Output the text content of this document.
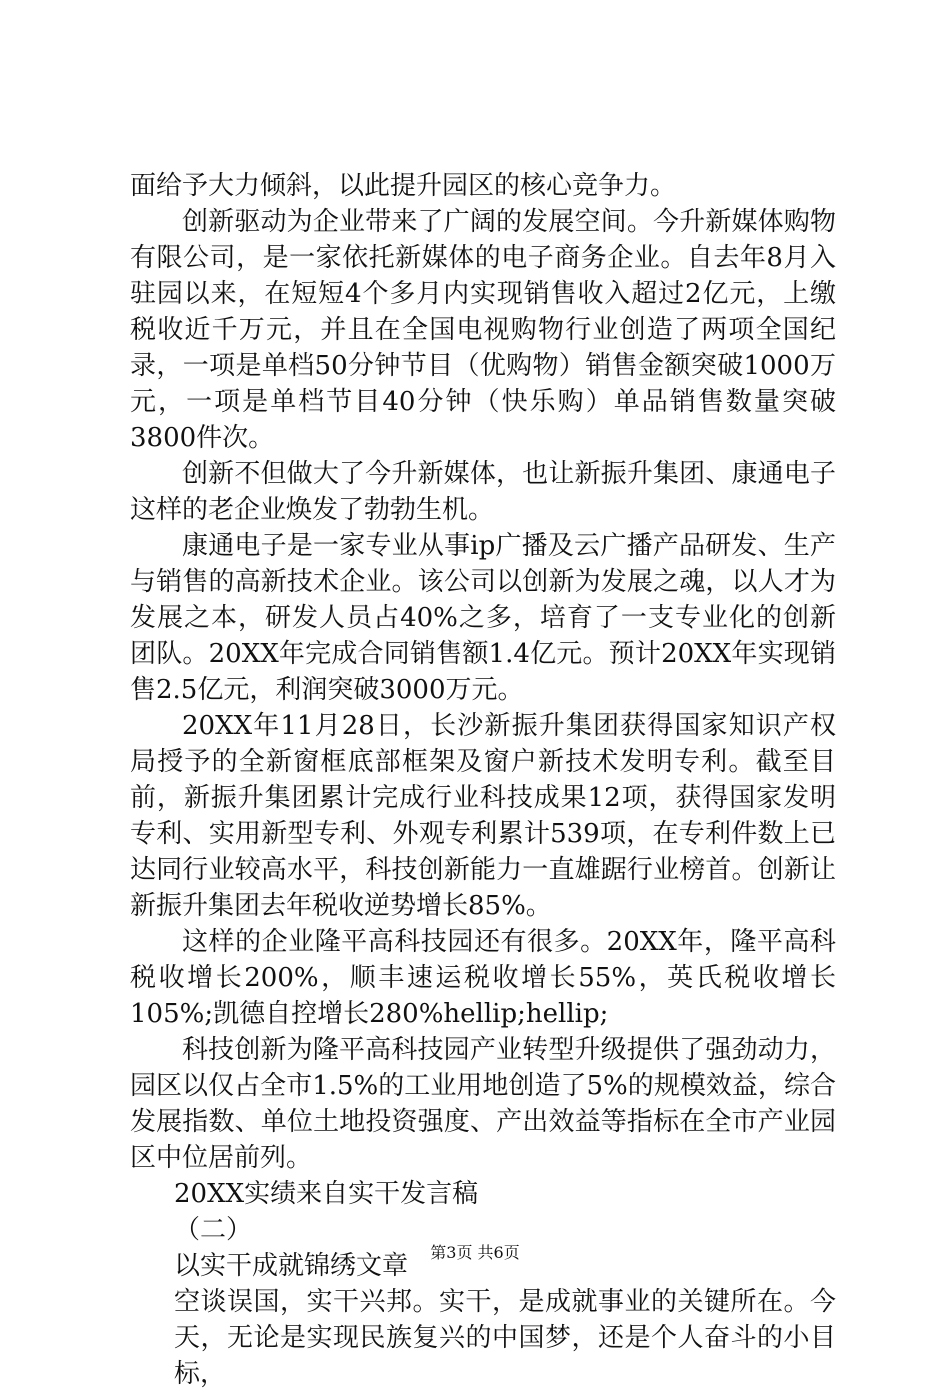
面给予大力倾斜，以此提升园区的核心竞争力。

创新驱动为企业带来了广阔的发展空间。今升新媒体购物有限公司，是一家依托新媒体的电子商务企业。自去年8月入驻园以来，在短短4个多月内实现销售收入超过2亿元，上缴税收近千万元，并且在全国电视购物行业创造了两项全国纪录，一项是单档50分钟节目（优购物）销售金额突破1000万元，一项是单档节目40分钟（快乐购）单品销售数量突破3800件次。

创新不但做大了今升新媒体，也让新振升集团、康通电子这样的老企业焕发了勃勃生机。

康通电子是一家专业从事ip广播及云广播产品研发、生产与销售的高新技术企业。该公司以创新为发展之魂，以人才为发展之本，研发人员占40%之多，培育了一支专业化的创新团队。20XX年完成合同销售额1.4亿元。预计20XX年实现销售2.5亿元，利润突破3000万元。

20XX年11月28日，长沙新振升集团获得国家知识产权局授予的全新窗框底部框架及窗户新技术发明专利。截至目前，新振升集团累计完成行业科技成果12项，获得国家发明专利、实用新型专利、外观专利累计539项，在专利件数上已达同行业较高水平，科技创新能力一直雄踞行业榜首。创新让新振升集团去年税收逆势增长85%。

这样的企业隆平高科技园还有很多。20XX年，隆平高科税收增长200%，顺丰速运税收增长55%，英氏税收增长105%;凯德自控增长280%hellip;hellip;

科技创新为隆平高科技园产业转型升级提供了强劲动力，园区以仅占全市1.5%的工业用地创造了5%的规模效益，综合发展指数、单位土地投资强度、产出效益等指标在全市产业园区中位居前列。

20XX实绩来自实干发言稿

（二）

以实干成就锦绣文章

空谈误国，实干兴邦。实干，是成就事业的关键所在。今天，无论是实现民族复兴的中国梦，还是个人奋斗的小目标，

第3页 共6页
